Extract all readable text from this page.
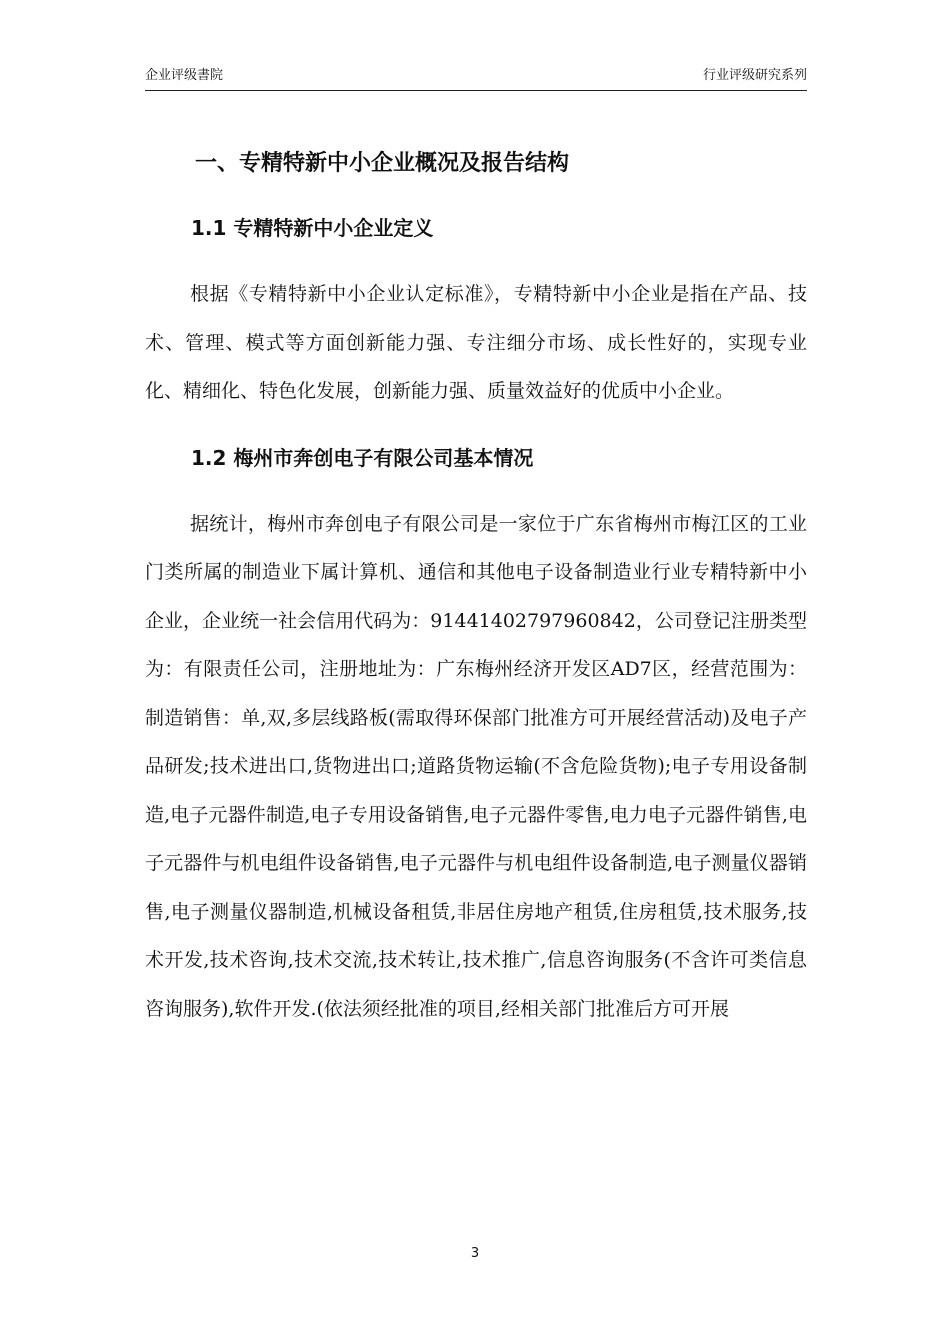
企业评级書院	行业评级研究系列
一、专精特新中小企业概况及报告结构
1.1 专精特新中小企业定义

根据《专精特新中小企业认定标准》，专精特新中小企业是指在产品、技术、管理、模式等方面创新能力强、专注细分市场、成长性好的，实现专业化、精细化、特色化发展，创新能力强、质量效益好的优质中小企业。

1.2 梅州市奔创电子有限公司基本情况

据统计，梅州市奔创电子有限公司是一家位于广东省梅州市梅江区的工业门类所属的制造业下属计算机、通信和其他电子设备制造业行业专精特新中小企业，企业统一社会信用代码为：91441402797960842，公司登记注册类型为：有限责任公司，注册地址为：广东梅州经济开发区AD7区，经营范围为：制造销售：单,双,多层线路板(需取得环保部门批准方可开展经营活动)及电子产品研发;技术进出口,货物进出口;道路货物运输(不含危险货物);电子专用设备制造,电子元器件制造,电子专用设备销售,电子元器件零售,电力电子元器件销售,电子元器件与机电组件设备销售,电子元器件与机电组件设备制造,电子测量仪器销售,电子测量仪器制造,机械设备租赁,非居住房地产租赁,住房租赁,技术服务,技术开发,技术咨询,技术交流,技术转让,技术推广,信息咨询服务(不含许可类信息咨询服务),软件开发.(依法须经批准的项目,经相关部门批准后方可开展

3
